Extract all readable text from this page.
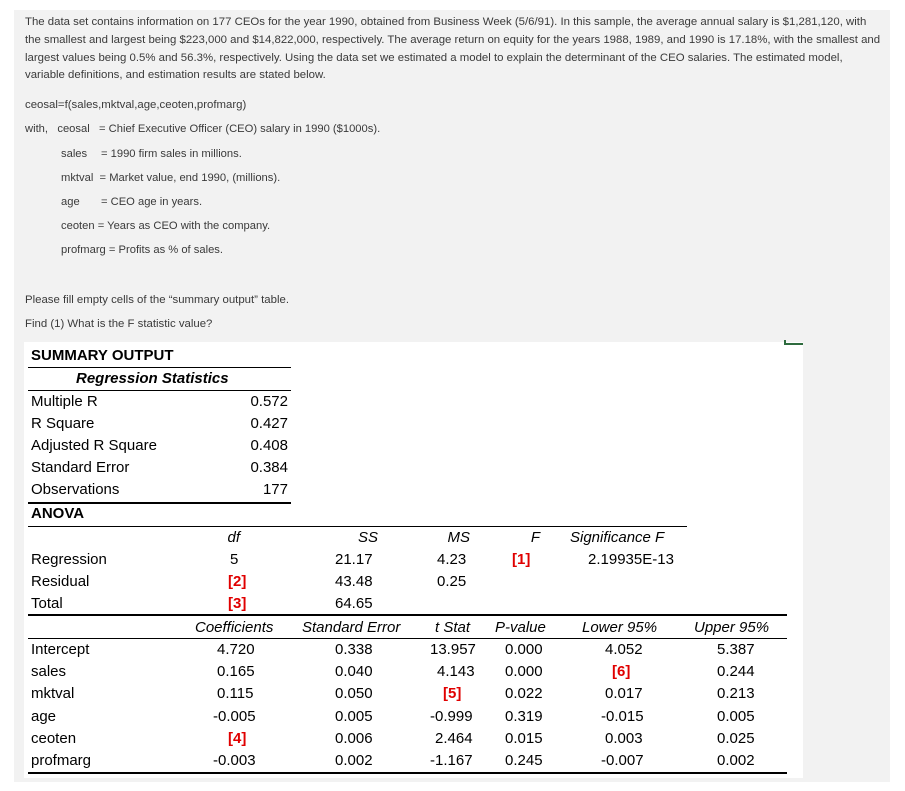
The data set contains information on 177 CEOs for the year 1990, obtained from Business Week (5/6/91). In this sample, the average annual salary is $1,281,120, with the smallest and largest being $223,000 and $14,822,000, respectively. The average return on equity for the years 1988, 1989, and 1990 is 17.18%, with the smallest and largest values being 0.5% and 56.3%, respectively. Using the data set we estimated a model to explain the determinant of the CEO salaries. The estimated model, variable definitions, and estimation results are stated below.
ceosal=f(sales,mktval,age,ceoten,profmarg)
with, ceosal = Chief Executive Officer (CEO) salary in 1990 ($1000s).
sales = 1990 firm sales in millions.
mktval = Market value, end 1990, (millions).
age = CEO age in years.
ceoten = Years as CEO with the company.
profmarg = Profits as % of sales.
Please fill empty cells of the “summary output” table.
Find (1) What is the F statistic value?
SUMMARY OUTPUT
Regression Statistics
Multiple R	0.572
R Square	0.427
Adjusted R Square	0.408
Standard Error	0.384
Observations	177
ANOVA
df	SS	MS	F Significance F
Regression	5	21.17	4.23	[1]	2.19935E-13
Residual	[2]	43.48	0.25
Total	[3]	64.65
Coefficients Standard Error t Stat P-value Lower 95% Upper 95%
Intercept	4.720	0.338	13.957 0.000	4.052	5.387
sales	0.165	0.040	4.143 0.000	[6]	0.244
mktval	0.115	0.050	[5]	0.022	0.017	0.213
age	-0.005	0.005	-0.999 0.319	-0.015	0.005
ceoten	[4]	0.006	2.464 0.015	0.003	0.025
profmarg	-0.003	0.002	-1.167 0.245	-0.007	0.002
